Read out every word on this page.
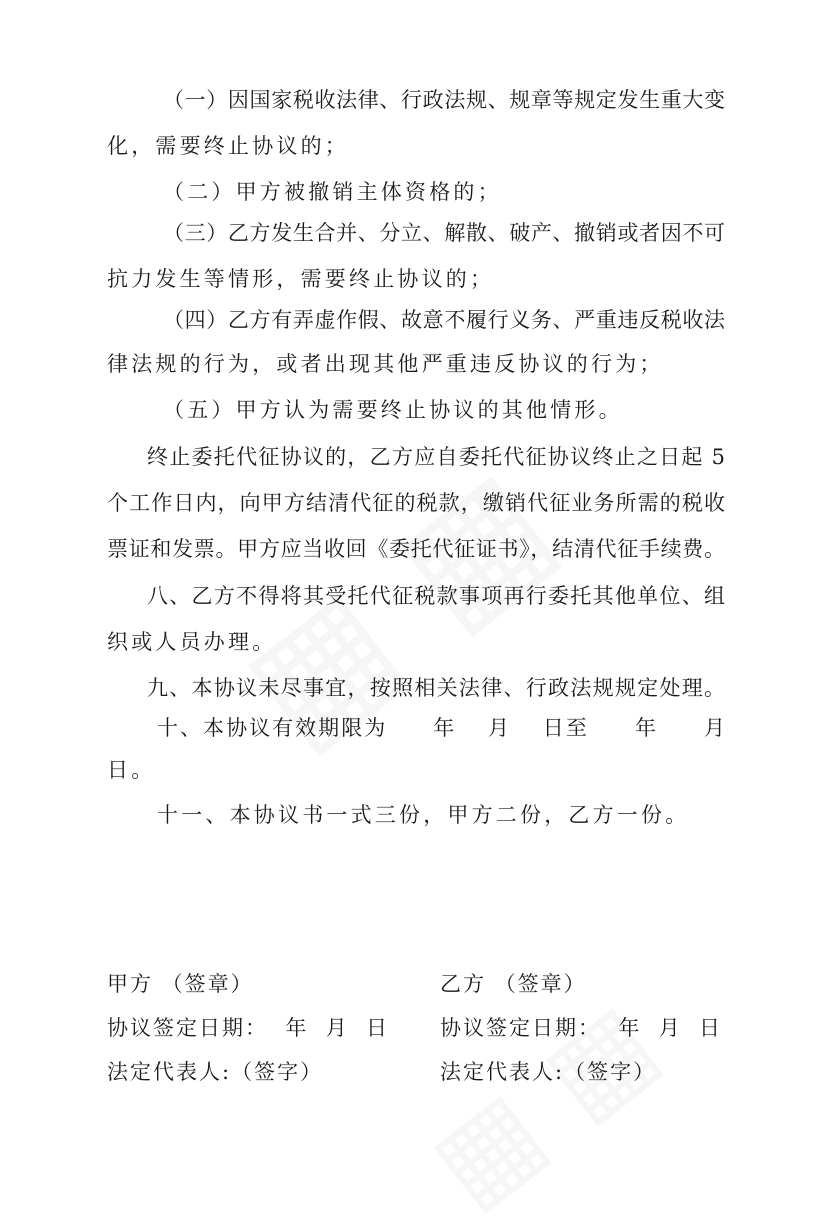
（一）因国家税收法律、行政法规、规章等规定发生重大变
化，需要终止协议的；
（二）甲方被撤销主体资格的；
（三）乙方发生合并、分立、解散、破产、撤销或者因不可
抗力发生等情形，需要终止协议的；
（四）乙方有弄虚作假、故意不履行义务、严重违反税收法
律法规的行为，或者出现其他严重违反协议的行为；
（五）甲方认为需要终止协议的其他情形。
终止委托代征协议的，乙方应自委托代征协议终止之日起 5
个工作日内，向甲方结清代征的税款，缴销代征业务所需的税收
票证和发票。甲方应当收回《委托代征证书》，结清代征手续费。
八、乙方不得将其受托代征税款事项再行委托其他单位、组
织或人员办理。
九、本协议未尽事宜，按照相关法律、行政法规规定处理。
十、本协议有效期限为　　年　 月　 日至　　年　　月
日。
十一、本协议书一式三份，甲方二份，乙方一份。
甲方 （签章）
协议签定日期：  年  月  日
法定代表人:（签字）
乙方 （签章）
协议签定日期：  年  月  日
法定代表人:（签字）
